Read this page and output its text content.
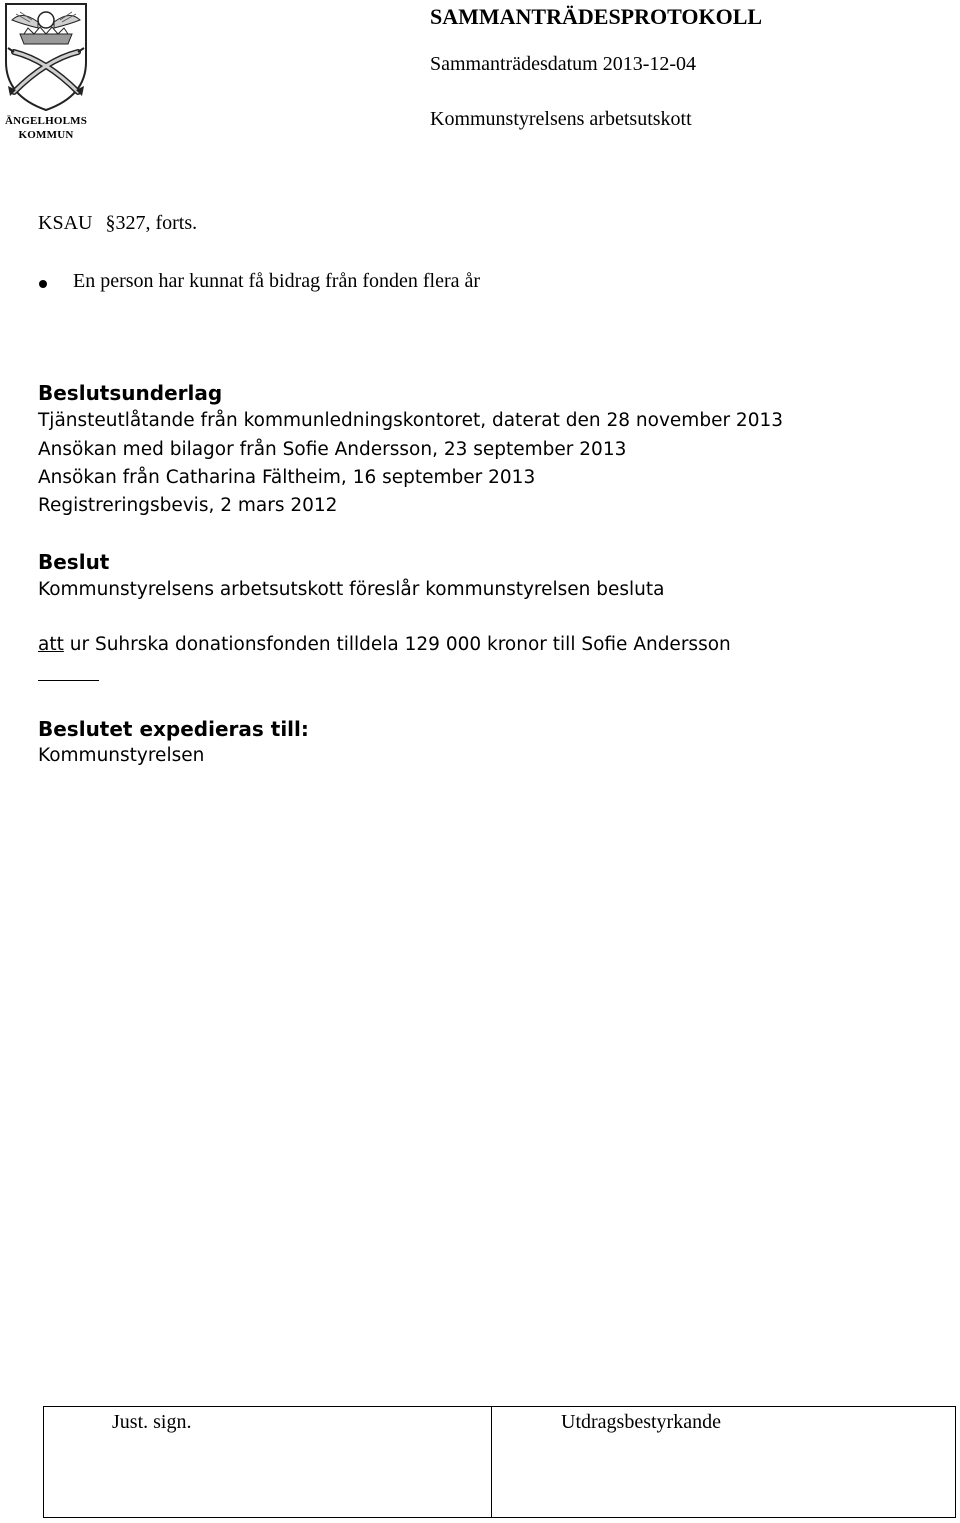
ÄNGELHOLMS
KOMMUN
SAMMANTRÄDESPROTOKOLL
Sammanträdesdatum 2013-12-04
Kommunstyrelsens arbetsutskott
KSAU §327, forts.
En person har kunnat få bidrag från fonden flera år
Beslutsunderlag
Tjänsteutlåtande från kommunledningskontoret, daterat den 28 november 2013
Ansökan med bilagor från Sofie Andersson, 23 september 2013
Ansökan från Catharina Fältheim, 16 september 2013
Registreringsbevis, 2 mars 2012
Beslut
Kommunstyrelsens arbetsutskott föreslår kommunstyrelsen besluta
att ur Suhrska donationsfonden tilldela 129 000 kronor till Sofie Andersson
Beslutet expedieras till:
Kommunstyrelsen
Just. sign.	Utdragsbestyrkande
